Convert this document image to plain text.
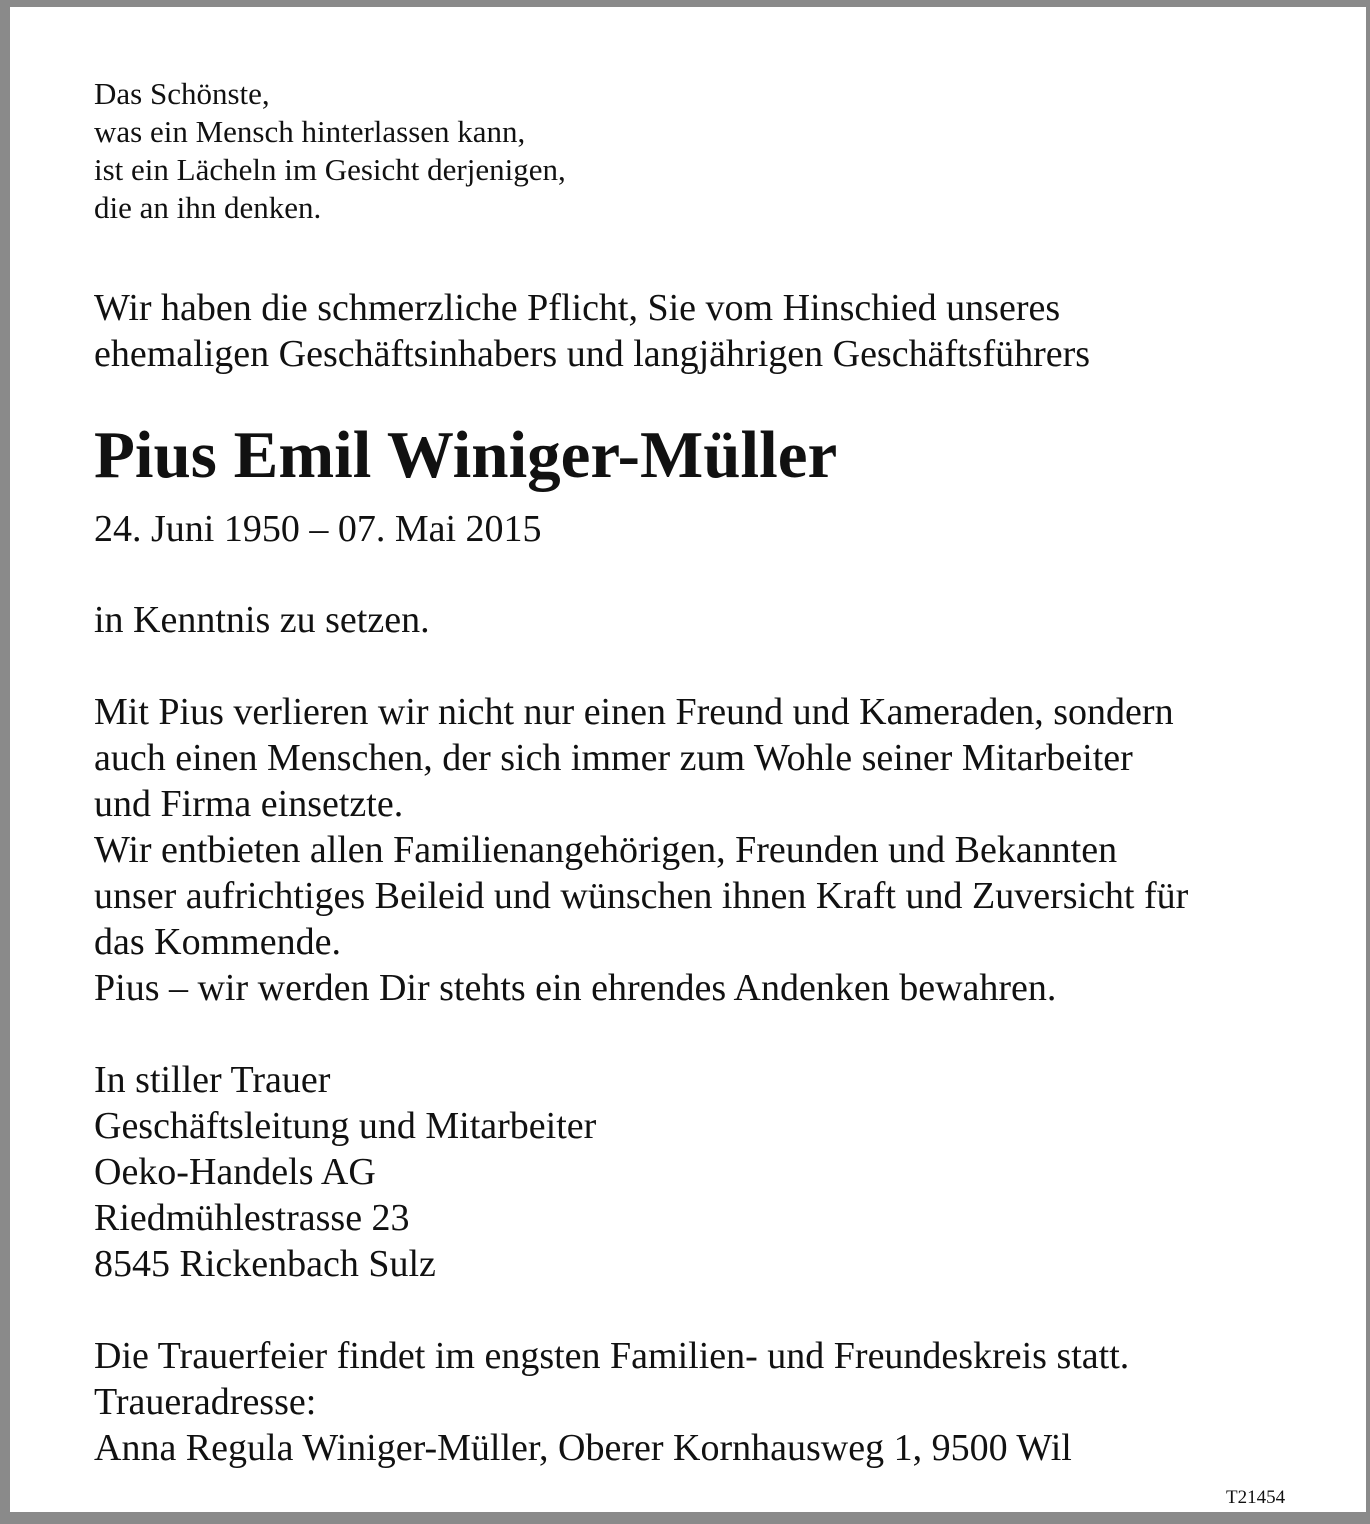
Das Schönste,

was ein Mensch hinterlassen kann,

ist ein Lächeln im Gesicht derjenigen,

die an ihn denken.

Wir haben die schmerzliche Pflicht, Sie vom Hinschied unseres

ehemaligen Geschäftsinhabers und langjährigen Geschäftsführers

Pius Emil Winiger-Müller

24. Juni 1950 – 07. Mai 2015

in Kenntnis zu setzen.

Mit Pius verlieren wir nicht nur einen Freund und Kameraden, sondern

auch einen Menschen, der sich immer zum Wohle seiner Mitarbeiter

und Firma einsetzte.

Wir entbieten allen Familienangehörigen, Freunden und Bekannten

unser aufrichtiges Beileid und wünschen ihnen Kraft und Zuversicht für

das Kommende.

Pius – wir werden Dir stehts ein ehrendes Andenken bewahren.

In stiller Trauer

Geschäftsleitung und Mitarbeiter

Oeko-Handels AG

Riedmühlestrasse 23

8545 Rickenbach Sulz

Die Trauerfeier findet im engsten Familien- und Freundeskreis statt.

Traueradresse:

Anna Regula Winiger-Müller, Oberer Kornhausweg 1, 9500 Wil

T21454
